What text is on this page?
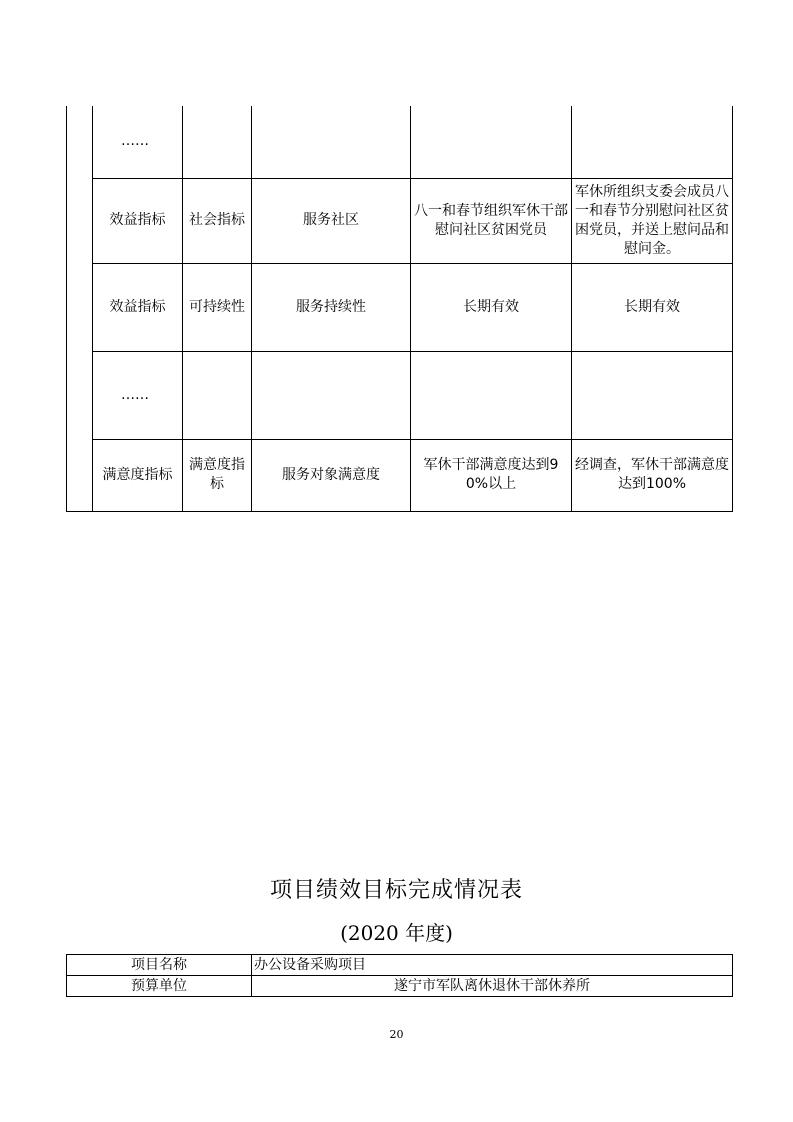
	……				
	效益指标	社会指标	服务社区	八一和春节组织军休干部慰问社区贫困党员	军休所组织支委会成员八一和春节分别慰问社区贫困党员，并送上慰问品和慰问金。
	效益指标	可持续性	服务持续性	长期有效	长期有效
	……				
	满意度指标	满意度指标	服务对象满意度	军休干部满意度达到90%以上	经调查，军休干部满意度达到100%
项目绩效目标完成情况表
(2020 年度)
项目名称	办公设备采购项目
预算单位	遂宁市军队离休退休干部休养所
20
